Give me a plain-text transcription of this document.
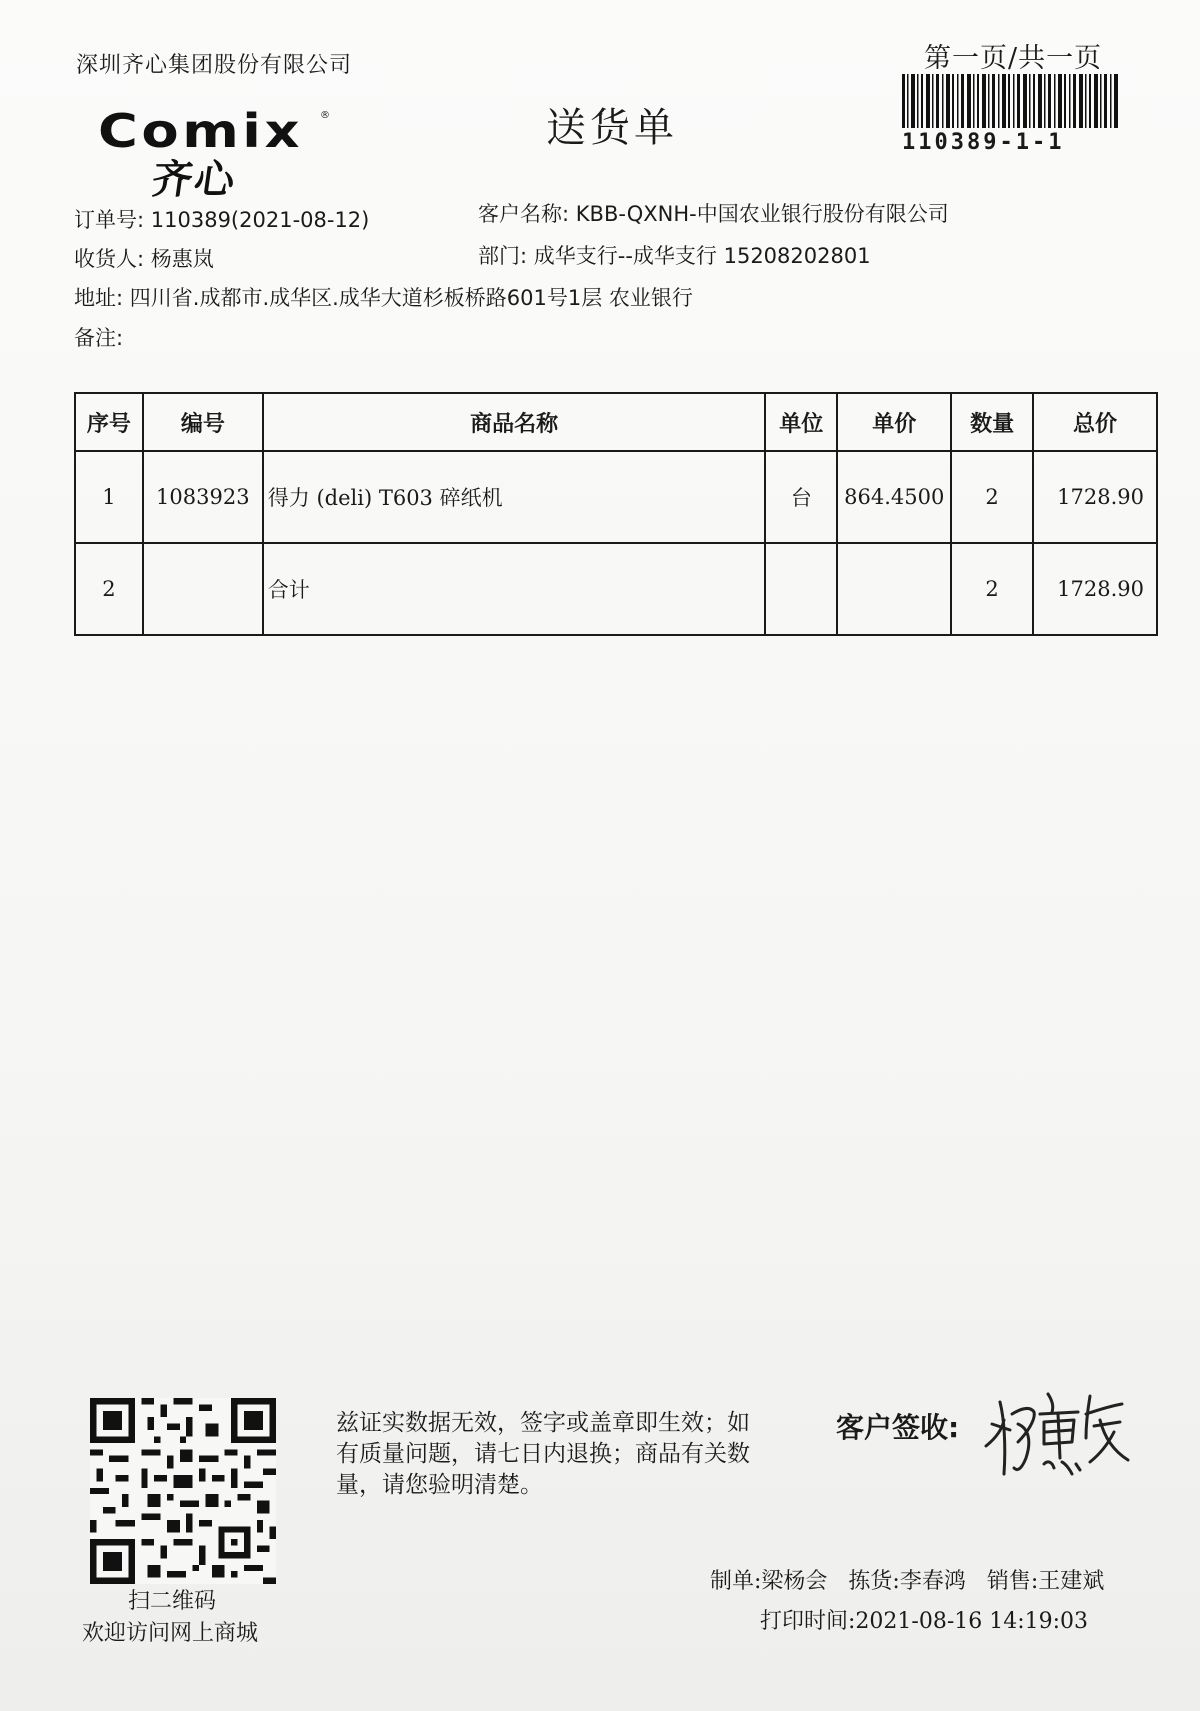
深圳齐心集团股份有限公司
Comix ®
齐心
送货单
第一页/共一页
110389-1-1
订单号: 110389(2021-08-12)	客户名称: KBB-QXNH-中国农业银行股份有限公司
收货人: 杨惠岚	部门: 成华支行--成华支行 15208202801
地址: 四川省.成都市.成华区.成华大道杉板桥路601号1层 农业银行
备注:
序号	编号	商品名称	单位	单价	数量	总价
1	1083923	得力 (deli) T603 碎纸机	台	864.4500	2	1728.90
2		合计			2	1728.90
扫二维码
欢迎访问网上商城
兹证实数据无效，签字或盖章即生效；如有质量问题，请七日内退换；商品有关数量，请您验明清楚。
客户签收:
制单:梁杨会 拣货:李春鸿 销售:王建斌
打印时间:2021-08-16 14:19:03
